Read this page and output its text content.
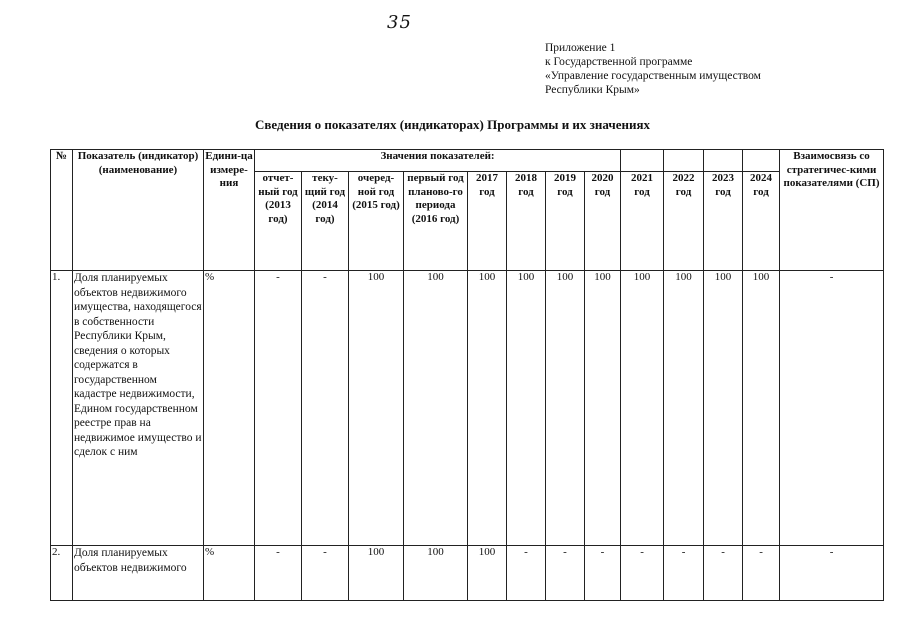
35
Приложение 1
к Государственной программе
«Управление государственным имуществом
Республики Крым»
Сведения о показателях (индикаторах) Программы и их значениях
№	Показатель (индикатор) (наименование)	Едини-ца измере-ния	Значения показателей:												Взаимосвязь со стратегичес-кими показателями (СП)
			отчет-ный год (2013 год)	теку-щий год (2014 год)	очеред-ной год (2015 год)	первый год планово-го периода (2016 год)	2017 год	2018 год	2019 год	2020 год	2021 год	2022 год	2023 год	2024 год	
1.	Доля планируемых объектов недвижимого имущества, находящегося в собственности Республики Крым, сведения о которых содержатся в государственном кадастре недвижимости, Едином государственном реестре прав на недвижимое имущество и сделок с ним	%	-	-	100	100	100	100	100	100	100	100	100	100	-
2.	Доля планируемых объектов недвижимого	%	-	-	100	100	100	-	-	-	-	-	-	-	-
